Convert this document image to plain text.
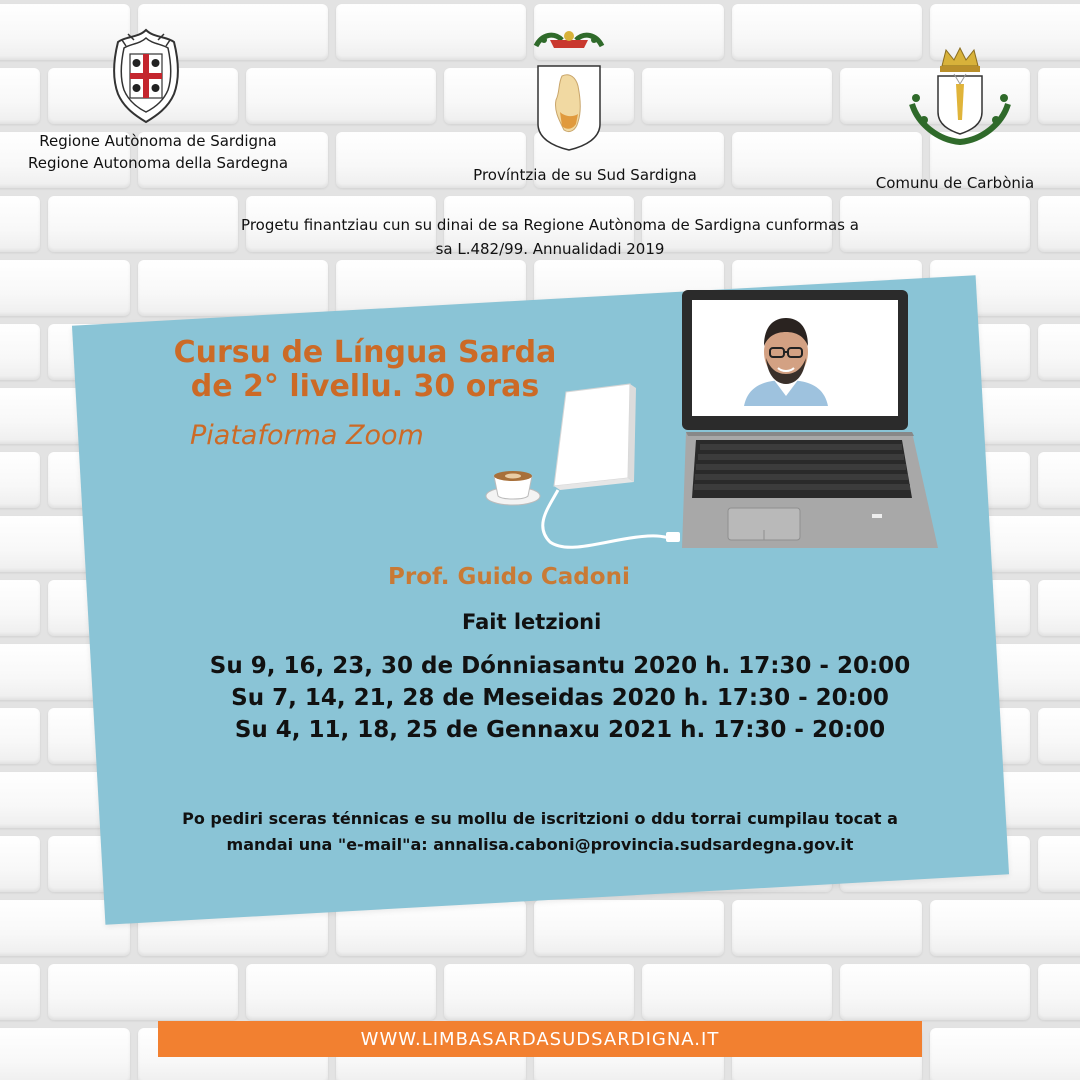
Regione Autònoma de Sardigna
Regione Autonoma della Sardegna
Províntzia de su Sud Sardigna	Comunu de Carbònia
Progetu finantziau cun su dinai de sa Regione Autònoma de Sardigna cunformas a
sa L.482/99. Annualidadi 2019
Cursu de Língua Sarda
de 2° livellu. 30 oras
Piataforma Zoom
Prof. Guido Cadoni
Fait letzioni
Su 9, 16, 23, 30 de Dónniasantu 2020 h. 17:30 - 20:00
Su 7, 14, 21, 28 de Meseidas 2020 h. 17:30 - 20:00
Su 4, 11, 18, 25 de Gennaxu 2021 h. 17:30 - 20:00
Po pediri sceras ténnicas e su mollu de iscritzioni o ddu torrai cumpilau tocat a
mandai una "e-mail"a: annalisa.caboni@provincia.sudsardegna.gov.it
WWW.LIMBASARDASUDSARDIGNA.IT
